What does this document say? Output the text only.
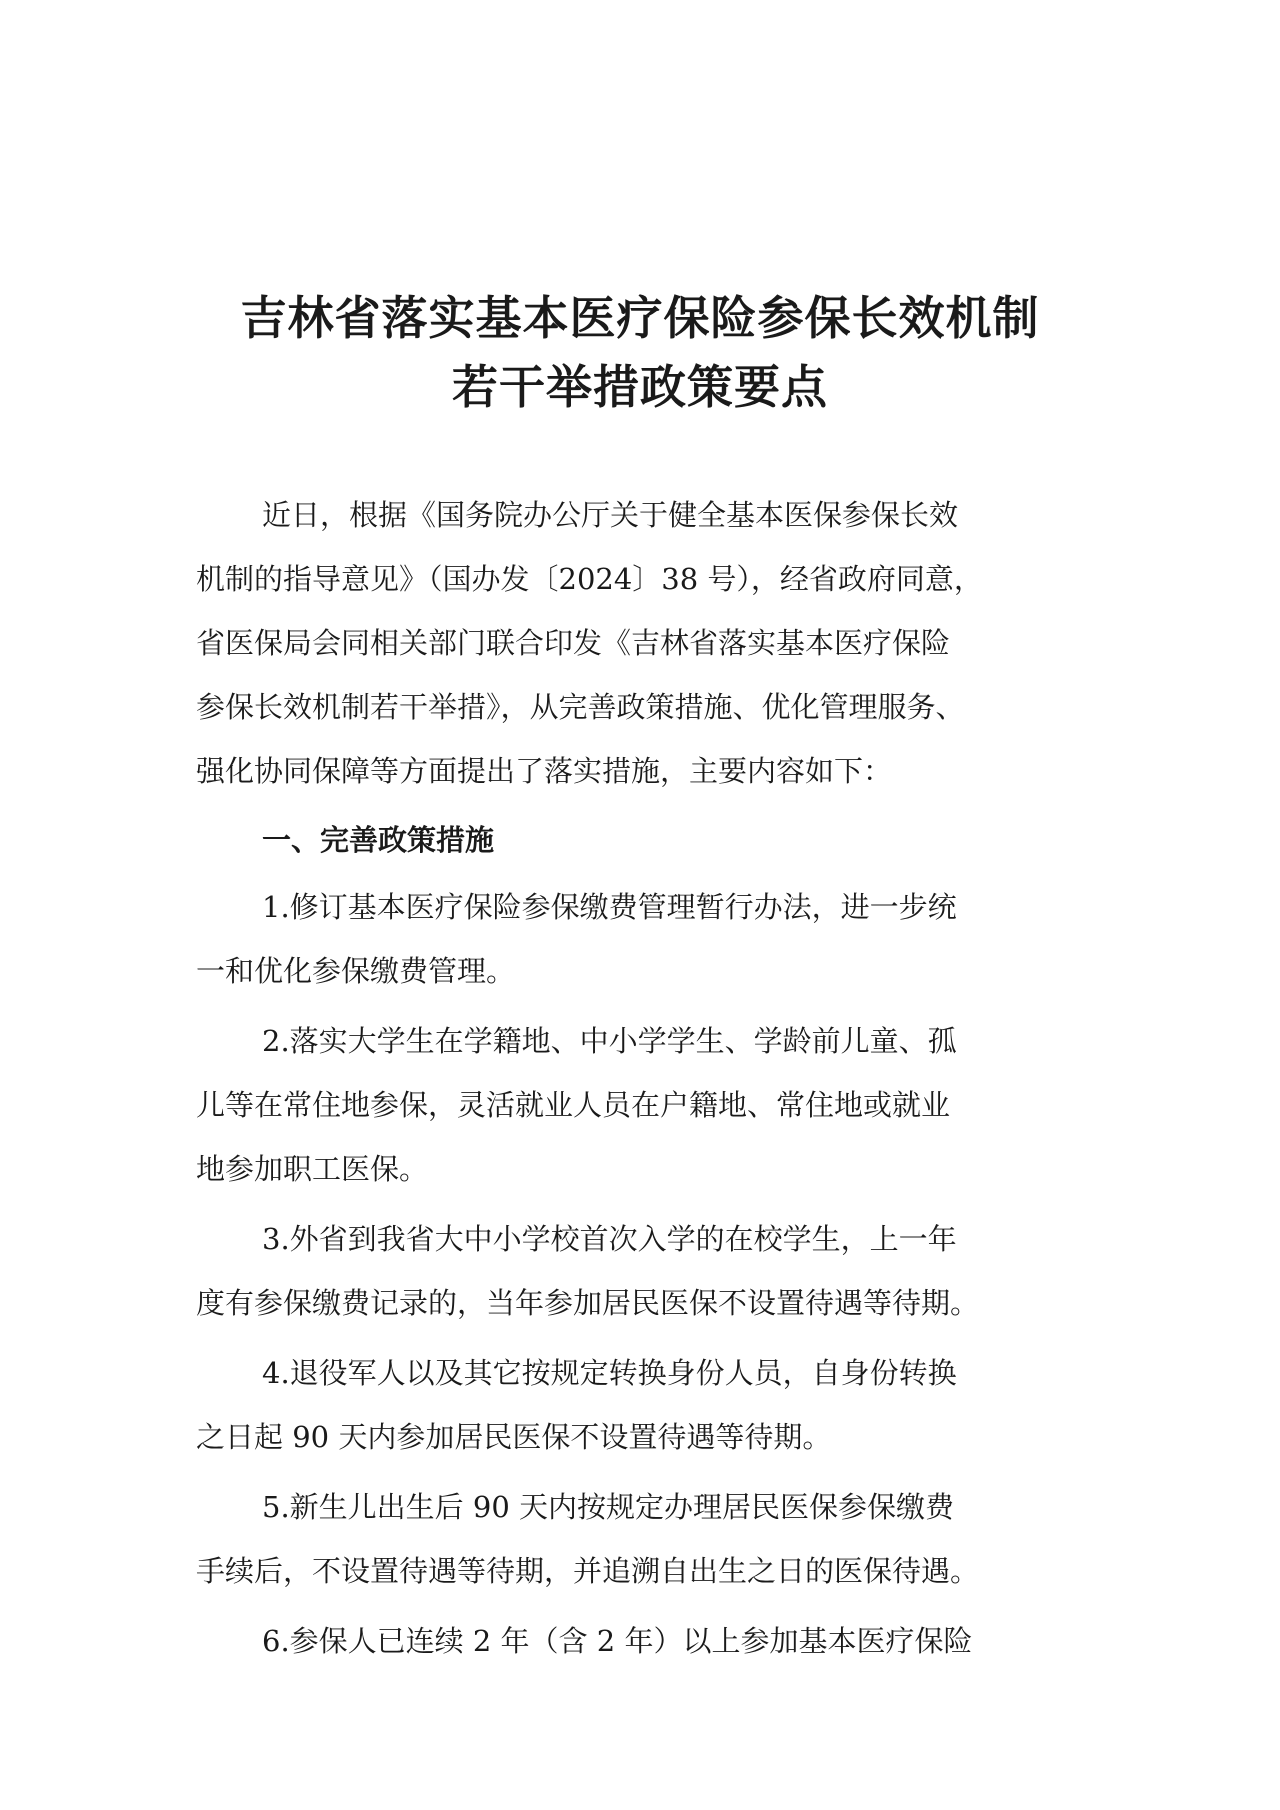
吉林省落实基本医疗保险参保长效机制
若干举措政策要点
近日，根据《国务院办公厅关于健全基本医保参保长效
机制的指导意见》（国办发〔2024〕38 号），经省政府同意，
省医保局会同相关部门联合印发《吉林省落实基本医疗保险
参保长效机制若干举措》，从完善政策措施、优化管理服务、
强化协同保障等方面提出了落实措施，主要内容如下：
一、完善政策措施
1.修订基本医疗保险参保缴费管理暂行办法，进一步统
一和优化参保缴费管理。
2.落实大学生在学籍地、中小学学生、学龄前儿童、孤
儿等在常住地参保，灵活就业人员在户籍地、常住地或就业
地参加职工医保。
3.外省到我省大中小学校首次入学的在校学生，上一年
度有参保缴费记录的，当年参加居民医保不设置待遇等待期。
4.退役军人以及其它按规定转换身份人员，自身份转换
之日起 90 天内参加居民医保不设置待遇等待期。
5.新生儿出生后 90 天内按规定办理居民医保参保缴费
手续后，不设置待遇等待期，并追溯自出生之日的医保待遇。
6.参保人已连续 2 年（含 2 年）以上参加基本医疗保险
